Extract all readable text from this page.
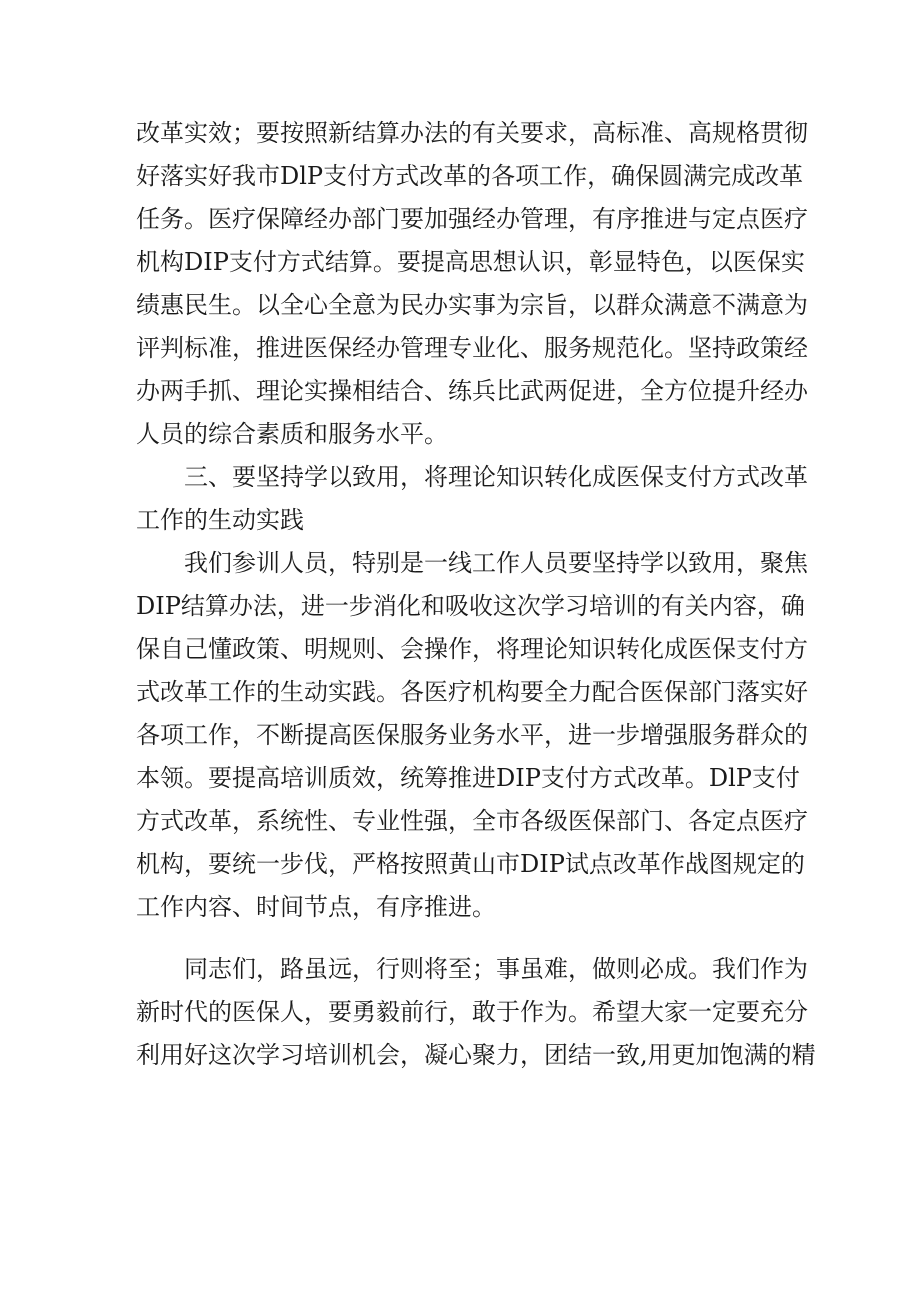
改革实效；要按照新结算办法的有关要求，高标准、高规格贯彻
好落实好我市DlP支付方式改革的各项工作，确保圆满完成改革
任务。医疗保障经办部门要加强经办管理，有序推进与定点医疗
机构DIP支付方式结算。要提高思想认识，彰显特色，以医保实
绩惠民生。以全心全意为民办实事为宗旨，以群众满意不满意为
评判标准，推进医保经办管理专业化、服务规范化。坚持政策经
办两手抓、理论实操相结合、练兵比武两促进，全方位提升经办
人员的综合素质和服务水平。
三、要坚持学以致用，将理论知识转化成医保支付方式改革
工作的生动实践
我们参训人员，特别是一线工作人员要坚持学以致用，聚焦
DIP结算办法，进一步消化和吸收这次学习培训的有关内容，确
保自己懂政策、明规则、会操作，将理论知识转化成医保支付方
式改革工作的生动实践。各医疗机构要全力配合医保部门落实好
各项工作，不断提高医保服务业务水平，进一步增强服务群众的
本领。要提高培训质效，统筹推进DIP支付方式改革。DlP支付
方式改革，系统性、专业性强，全市各级医保部门、各定点医疗
机构，要统一步伐，严格按照黄山市DIP试点改革作战图规定的
工作内容、时间节点，有序推进。
同志们，路虽远，行则将至；事虽难，做则必成。我们作为
新时代的医保人，要勇毅前行，敢于作为。希望大家一定要充分
利用好这次学习培训机会，凝心聚力，团结一致,用更加饱满的精
